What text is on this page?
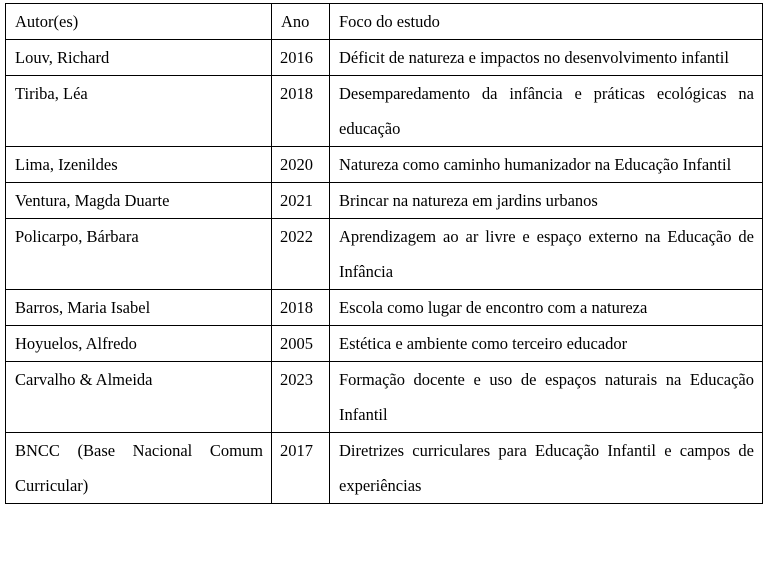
Autor(es)	Ano	Foco do estudo
Louv, Richard	2016	Déficit de natureza e impactos no desenvolvimento infantil
Tiriba, Léa	2018	Desemparedamento da infância e práticas ecológicas na educação
Lima, Izenildes	2020	Natureza como caminho humanizador na Educação Infantil
Ventura, Magda Duarte	2021	Brincar na natureza em jardins urbanos
Policarpo, Bárbara	2022	Aprendizagem ao ar livre e espaço externo na Educação de Infância
Barros, Maria Isabel	2018	Escola como lugar de encontro com a natureza
Hoyuelos, Alfredo	2005	Estética e ambiente como terceiro educador
Carvalho & Almeida	2023	Formação docente e uso de espaços naturais na Educação Infantil
BNCC (Base Nacional Comum Curricular)	2017	Diretrizes curriculares para Educação Infantil e campos de experiências
